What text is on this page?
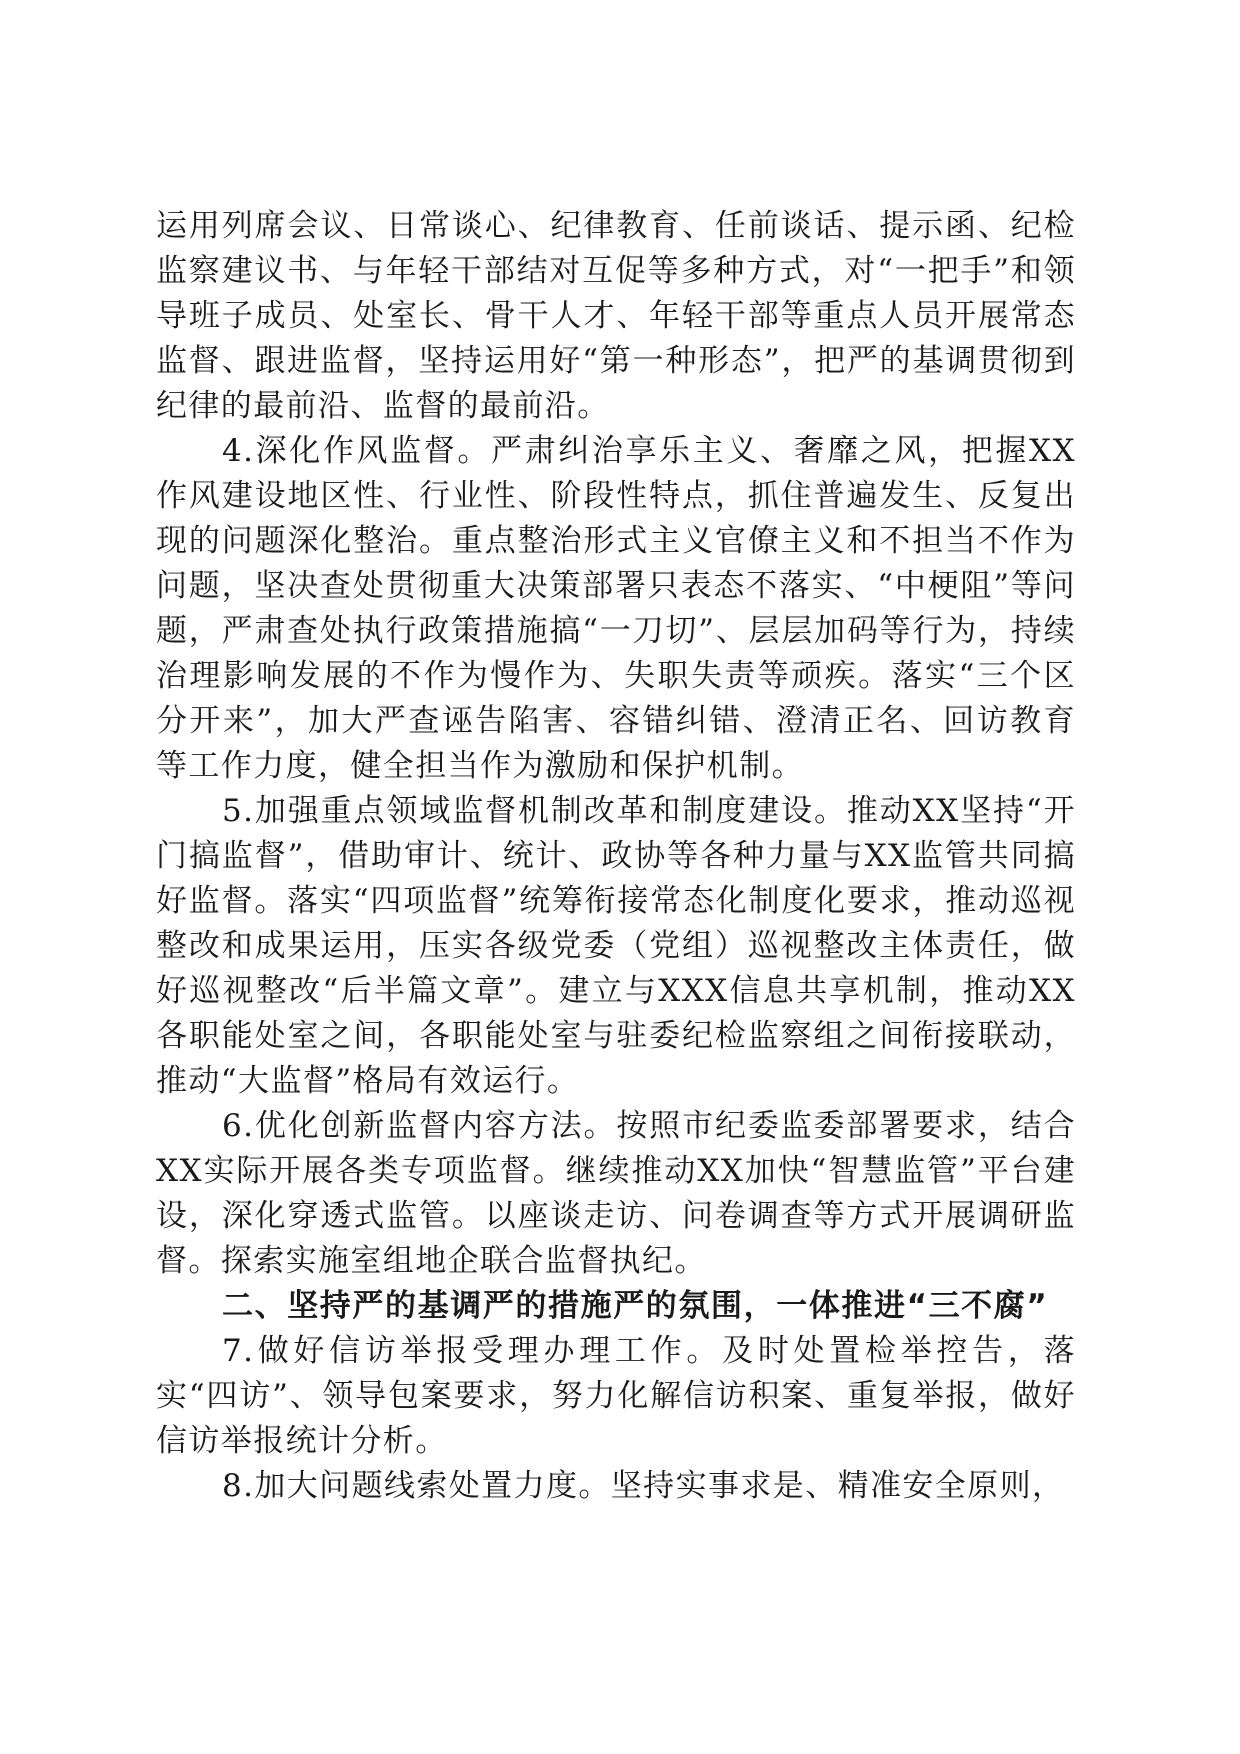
运用列席会议、日常谈心、纪律教育、任前谈话、提示函、纪检监察建议书、与年轻干部结对互促等多种方式，对“一把手”和领导班子成员、处室长、骨干人才、年轻干部等重点人员开展常态监督、跟进监督，坚持运用好“第一种形态”，把严的基调贯彻到纪律的最前沿、监督的最前沿。

4.深化作风监督。严肃纠治享乐主义、奢靡之风，把握XX作风建设地区性、行业性、阶段性特点，抓住普遍发生、反复出现的问题深化整治。重点整治形式主义官僚主义和不担当不作为问题，坚决查处贯彻重大决策部署只表态不落实、“中梗阻”等问题，严肃查处执行政策措施搞“一刀切”、层层加码等行为，持续治理影响发展的不作为慢作为、失职失责等顽疾。落实“三个区分开来”，加大严查诬告陷害、容错纠错、澄清正名、回访教育等工作力度，健全担当作为激励和保护机制。

5.加强重点领域监督机制改革和制度建设。推动XX坚持“开门搞监督”，借助审计、统计、政协等各种力量与XX监管共同搞好监督。落实“四项监督”统筹衔接常态化制度化要求，推动巡视整改和成果运用，压实各级党委（党组）巡视整改主体责任，做好巡视整改“后半篇文章”。建立与XXX信息共享机制，推动XX各职能处室之间，各职能处室与驻委纪检监察组之间衔接联动，推动“大监督”格局有效运行。

6.优化创新监督内容方法。按照市纪委监委部署要求，结合XX实际开展各类专项监督。继续推动XX加快“智慧监管”平台建设，深化穿透式监管。以座谈走访、问卷调查等方式开展调研监督。探索实施室组地企联合监督执纪。

二、坚持严的基调严的措施严的氛围，一体推进“三不腐”

7.做好信访举报受理办理工作。及时处置检举控告，落实“四访”、领导包案要求，努力化解信访积案、重复举报，做好信访举报统计分析。

8.加大问题线索处置力度。坚持实事求是、精准安全原则，
